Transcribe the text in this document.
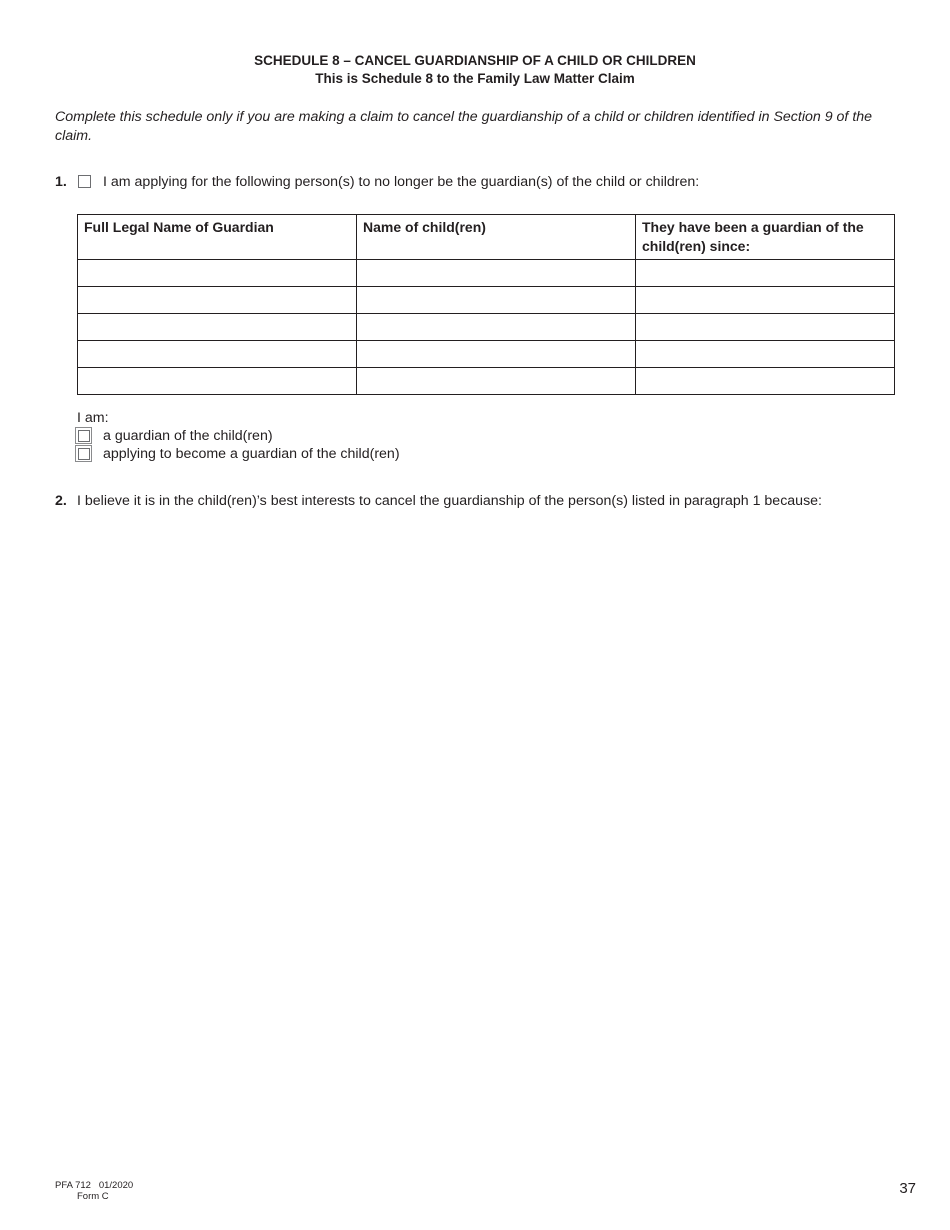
SCHEDULE 8 – CANCEL GUARDIANSHIP OF A CHILD OR CHILDREN
This is Schedule 8 to the Family Law Matter Claim
Complete this schedule only if you are making a claim to cancel the guardianship of a child or children identified in Section 9 of the claim.
1.	I am applying for the following person(s) to no longer be the guardian(s) of the child or children:
Full Legal Name of Guardian	Name of child(ren)	They have been a guardian of the child(ren) since:

I am:
a guardian of the child(ren)
applying to become a guardian of the child(ren)
2. I believe it is in the child(ren)’s best interests to cancel the guardianship of the person(s) listed in paragraph 1 because:
PFA 712   01/2020
Form C	37
